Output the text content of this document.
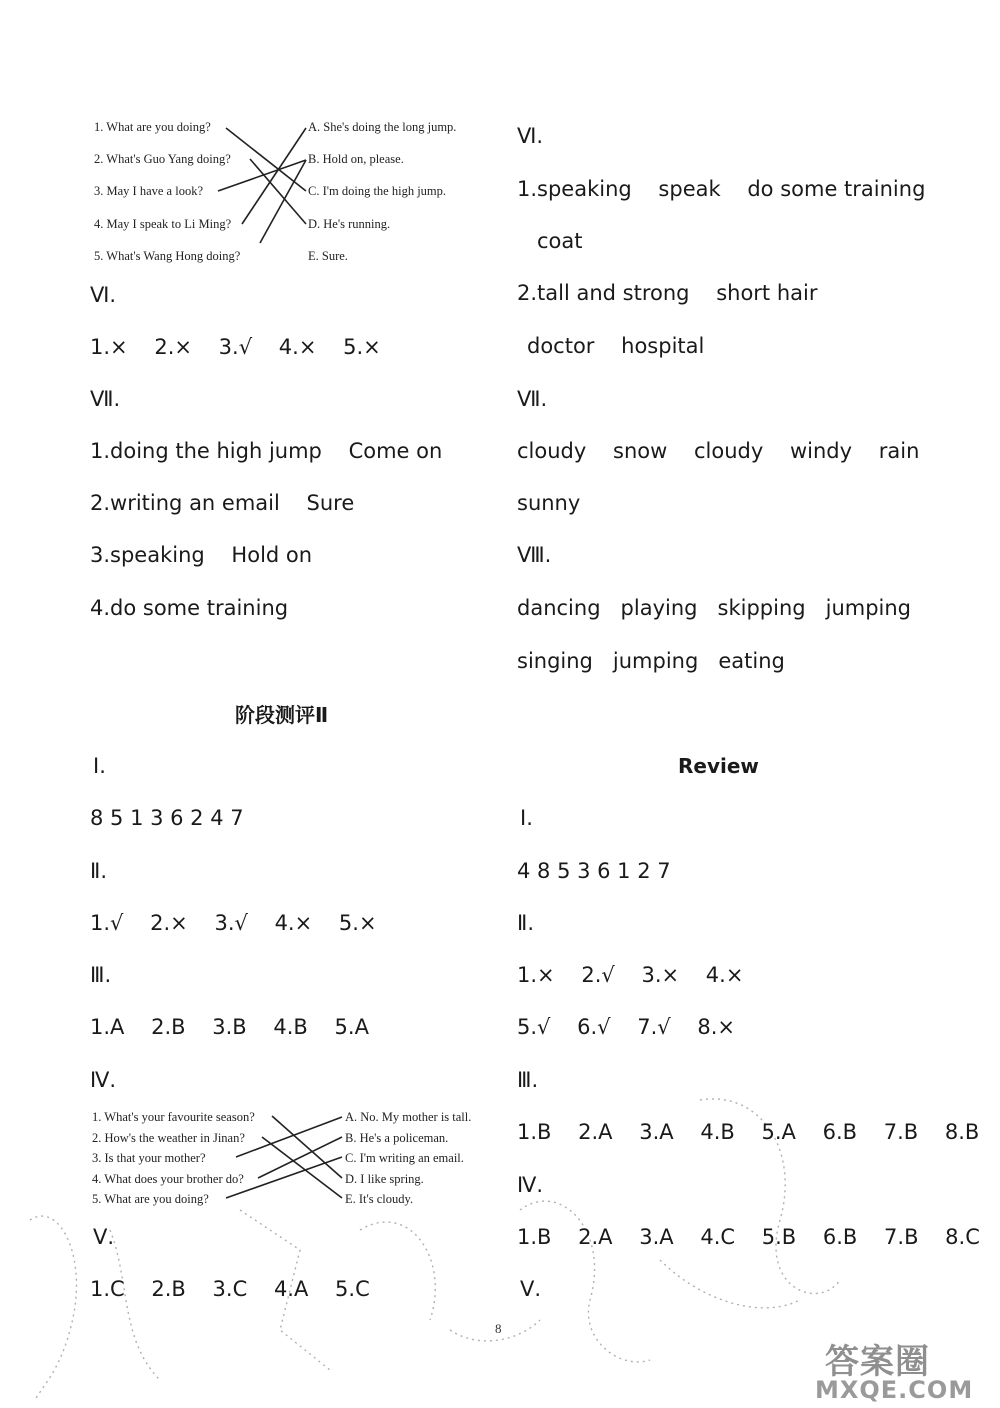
1. What are you doing?
2. What's Guo Yang doing?
3. May I have a look?
4. May I speak to Li Ming?
5. What's Wang Hong doing?
A. She's doing the long jump.
B. Hold on, please.
C. I'm doing the high jump.
D. He's running.
E. Sure.
Ⅵ.
1.×    2.×    3.√    4.×    5.×
Ⅶ.
1.doing the high jump    Come on
2.writing an email    Sure
3.speaking    Hold on
4.do some training
Ⅵ.
1.speaking    speak    do some training
coat
2.tall and strong    short hair
doctor    hospital
Ⅶ.
cloudy    snow    cloudy    windy    rain
sunny
Ⅷ.
dancing   playing   skipping   jumping
singing   jumping   eating
阶段测评Ⅱ
Ⅰ.
8 5 1 3 6 2 4 7
Ⅱ.
1.√    2.×    3.√    4.×    5.×
Ⅲ.
1.A    2.B    3.B    4.B    5.A
Ⅳ.
1. What's your favourite season?
2. How's the weather in Jinan?
3. Is that your mother?
4. What does your brother do?
5. What are you doing?
A. No. My mother is tall.
B. He's a policeman.
C. I'm writing an email.
D. I like spring.
E. It's cloudy.
Ⅴ.
1.C    2.B    3.C    4.A    5.C
Review
Ⅰ.
4 8 5 3 6 1 2 7
Ⅱ.
1.×    2.√    3.×    4.×
5.√    6.√    7.√    8.×
Ⅲ.
1.B    2.A    3.A    4.B    5.A    6.B    7.B    8.B
Ⅳ.
1.B    2.A    3.A    4.C    5.B    6.B    7.B    8.C
Ⅴ.
8
答案圈
MXQE.COM
